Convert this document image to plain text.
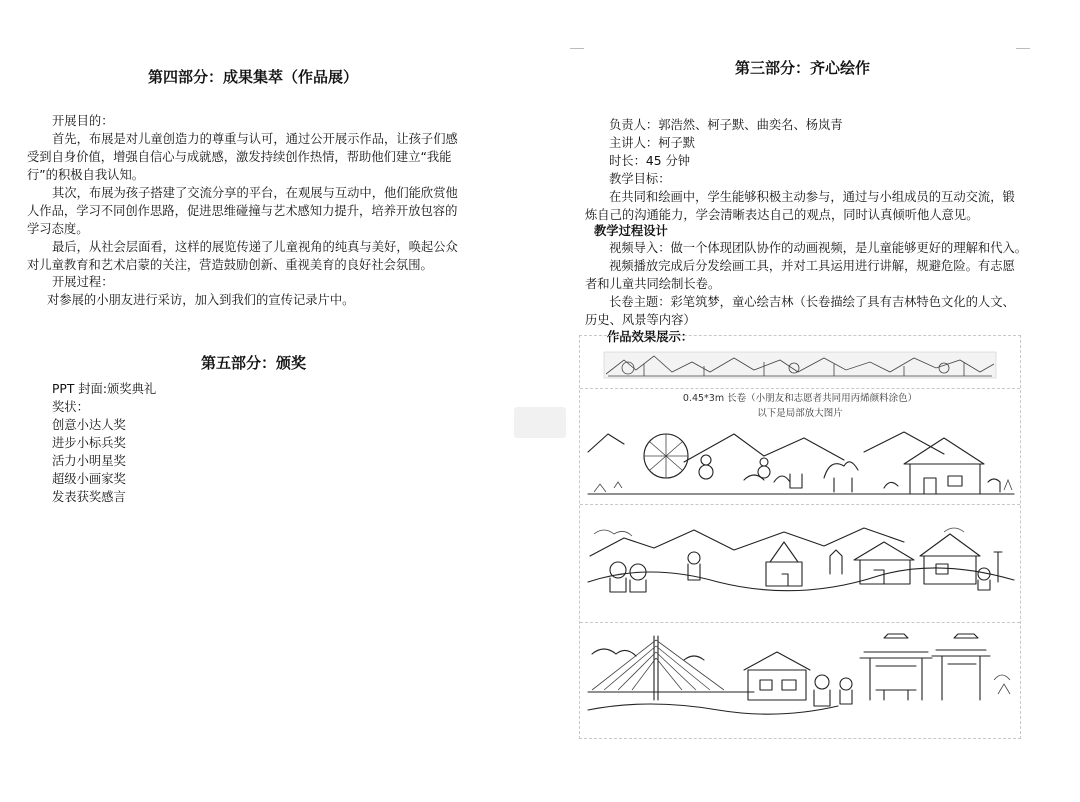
第四部分：成果集萃（作品展）
开展目的：
首先，布展是对儿童创造力的尊重与认可，通过公开展示作品，让孩子们感
受到自身价值，增强自信心与成就感，激发持续创作热情，帮助他们建立“我能
行”的积极自我认知。
其次，布展为孩子搭建了交流分享的平台，在观展与互动中，他们能欣赏他
人作品，学习不同创作思路，促进思维碰撞与艺术感知力提升，培养开放包容的
学习态度。
最后，从社会层面看，这样的展览传递了儿童视角的纯真与美好，唤起公众
对儿童教育和艺术启蒙的关注，营造鼓励创新、重视美育的良好社会氛围。
开展过程：
对参展的小朋友进行采访，加入到我们的宣传记录片中。
第五部分：颁奖
PPT 封面:颁奖典礼
奖状：
创意小达人奖
进步小标兵奖
活力小明星奖
超级小画家奖
发表获奖感言
第三部分：齐心绘作
负责人：郭浩然、柯子默、曲奕名、杨岚青
主讲人：柯子默
时长：45 分钟
教学目标：
在共同和绘画中，学生能够积极主动参与，通过与小组成员的互动交流，锻
炼自己的沟通能力，学会清晰表达自己的观点，同时认真倾听他人意见。
教学过程设计
视频导入：做一个体现团队协作的动画视频，是儿童能够更好的理解和代入。
视频播放完成后分发绘画工具，并对工具运用进行讲解，规避危险。有志愿
者和儿童共同绘制长卷。
长卷主题：彩笔筑梦，童心绘吉林（长卷描绘了具有吉林特色文化的人文、
历史、风景等内容）
作品效果展示：
0.45*3m 长卷（小朋友和志愿者共同用丙烯颜料涂色）
以下是局部放大图片
